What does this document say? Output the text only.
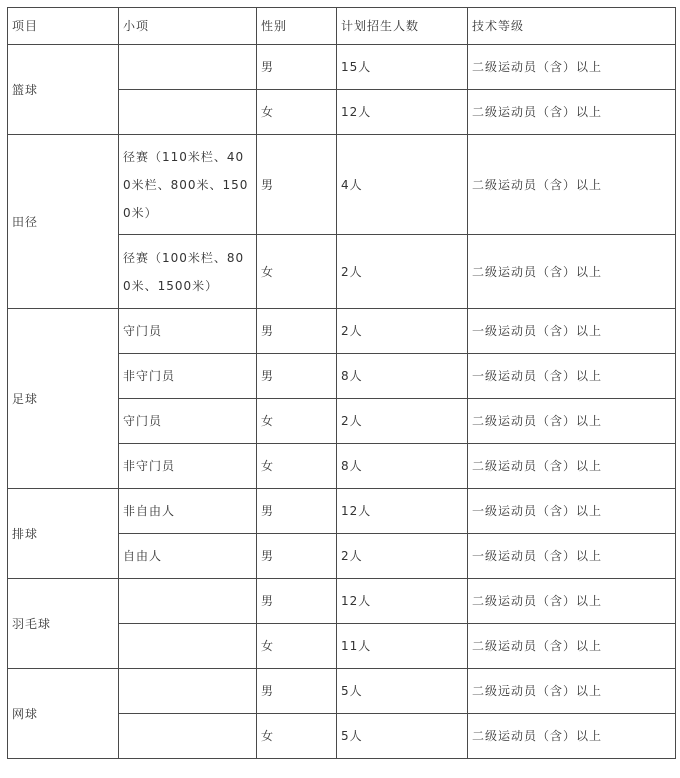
项目	小项	性别	计划招生人数	技术等级
篮球		男	15人	二级运动员（含）以上
		女	12人	二级运动员（含）以上
田径	径赛（110米栏、400米栏、800米、1500米）	男	4人	二级运动员（含）以上
	径赛（100米栏、800米、1500米）	女	2人	二级运动员（含）以上
足球	守门员	男	2人	一级运动员（含）以上
	非守门员	男	8人	一级运动员（含）以上
	守门员	女	2人	二级运动员（含）以上
	非守门员	女	8人	二级运动员（含）以上
排球	非自由人	男	12人	一级运动员（含）以上
	自由人	男	2人	一级运动员（含）以上
羽毛球		男	12人	二级运动员（含）以上
		女	11人	二级运动员（含）以上
网球		男	5人	二级远动员（含）以上
		女	5人	二级运动员（含）以上
